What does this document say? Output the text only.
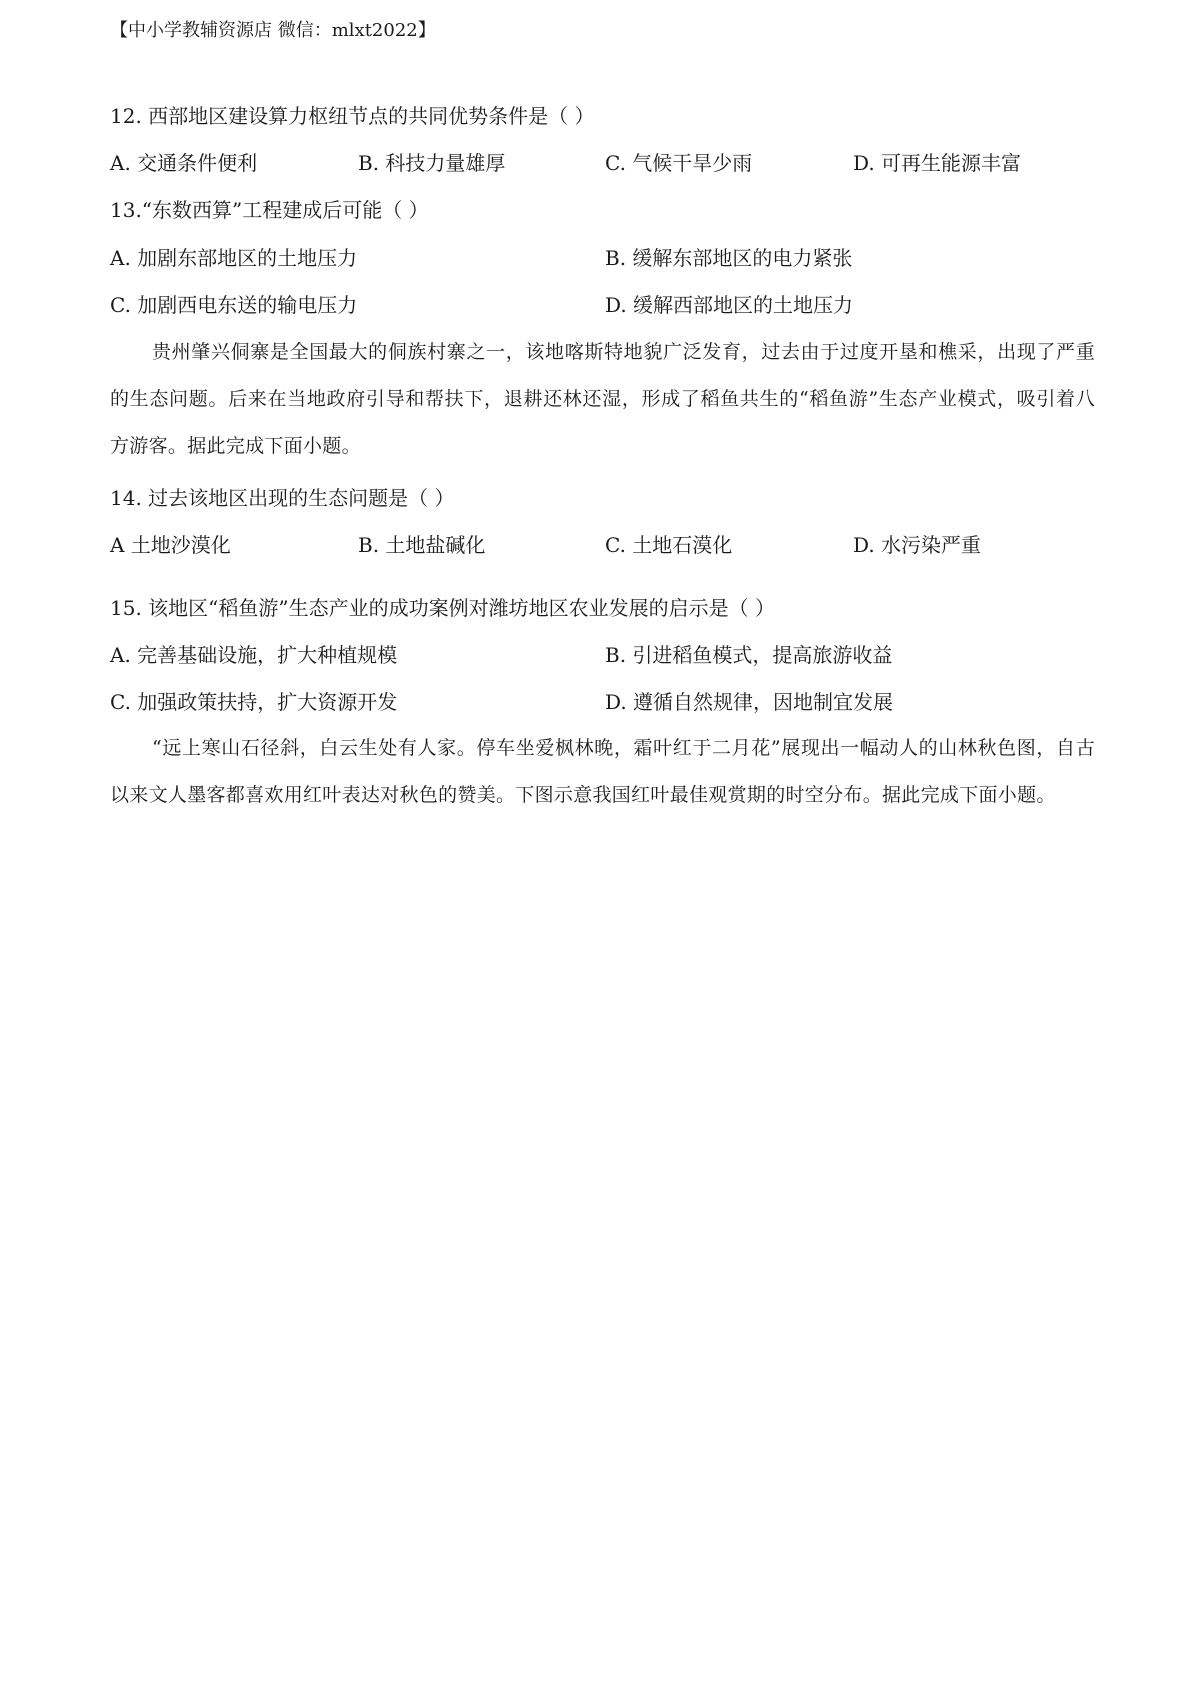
【中小学教辅资源店 微信：mlxt2022】
12. 西部地区建设算力枢纽节点的共同优势条件是（ ）
A. 交通条件便利	B. 科技力量雄厚	C. 气候干旱少雨	D. 可再生能源丰富
13.“东数西算”工程建成后可能（ ）
A. 加剧东部地区的土地压力	B. 缓解东部地区的电力紧张
C. 加剧西电东送的输电压力	D. 缓解西部地区的土地压力
贵州肇兴侗寨是全国最大的侗族村寨之一，该地喀斯特地貌广泛发育，过去由于过度开垦和樵采，出现了严重的生态问题。后来在当地政府引导和帮扶下，退耕还林还湿，形成了稻鱼共生的“稻鱼游”生态产业模式，吸引着八方游客。据此完成下面小题。
14. 过去该地区出现的生态问题是（ ）
A 土地沙漠化	B. 土地盐碱化	C. 土地石漠化	D. 水污染严重
15. 该地区“稻鱼游”生态产业的成功案例对潍坊地区农业发展的启示是（ ）
A. 完善基础设施，扩大种植规模	B. 引进稻鱼模式，提高旅游收益
C. 加强政策扶持，扩大资源开发	D. 遵循自然规律，因地制宜发展
“远上寒山石径斜，白云生处有人家。停车坐爱枫林晚，霜叶红于二月花”展现出一幅动人的山林秋色图，自古以来文人墨客都喜欢用红叶表达对秋色的赞美。下图示意我国红叶最佳观赏期的时空分布。据此完成下面小题。
